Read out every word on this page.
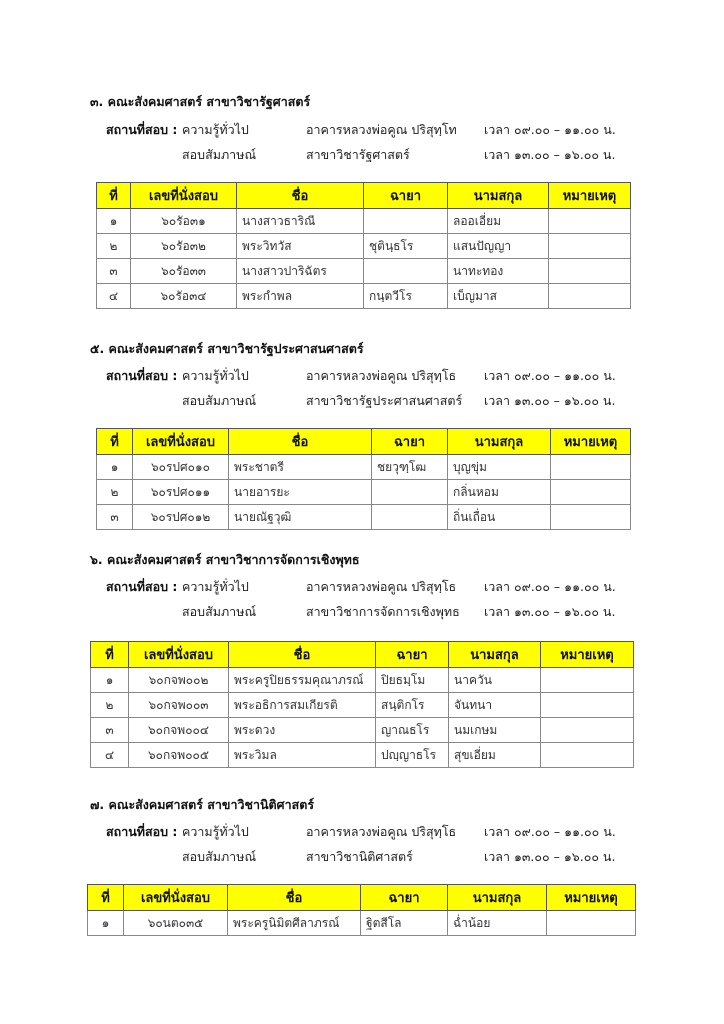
๓. คณะสังคมศาสตร์ สาขาวิชารัฐศาสตร์
สถานที่สอบ : ความรู้ทั่วไป	อาคารหลวงพ่อคูณ ปริสุทฺโท เวลา ๐๙.๐๐ – ๑๑.๐๐ น.
สอบสัมภาษณ์	สาขาวิชารัฐศาสตร์	เวลา ๑๓.๐๐ – ๑๖.๐๐ น.
ที่	เลขที่นั่งสอบ	ชื่อ	ฉายา	นามสกุล	หมายเหตุ
๑	๖๐รัอ๓๑	นางสาวธาริณี		ลออเอี่ยม	
๒	๖๐รัอ๓๒	พระวิทวัส	ชุตินฺธโร	แสนปัญญา	
๓	๖๐รัอ๓๓	นางสาวปาริฉัตร		นาทะทอง	
๔	๖๐รัอ๓๔	พระกำพล	กนฺตวีโร	เบ็ญมาส	
๕. คณะสังคมศาสตร์ สาขาวิชารัฐประศาสนศาสตร์
สถานที่สอบ : ความรู้ทั่วไป	อาคารหลวงพ่อคูณ ปริสุทฺโธ เวลา ๐๙.๐๐ – ๑๑.๐๐ น.
สอบสัมภาษณ์	สาขาวิชารัฐประศาสนศาสตร์ เวลา ๑๓.๐๐ – ๑๖.๐๐ น.
ที่	เลขที่นั่งสอบ	ชื่อ	ฉายา	นามสกุล	หมายเหตุ
๑	๖๐รปศ๐๑๐	พระชาตรี	ชยวุฑฺโฒ	บุญขุ่ม	
๒	๖๐รปศ๐๑๑	นายอารยะ		กลิ่นหอม	
๓	๖๐รปศ๐๑๒	นายณัฐวุฒิ		ถิ่นเถื่อน	
๖. คณะสังคมศาสตร์ สาขาวิชาการจัดการเชิงพุทธ
สถานที่สอบ : ความรู้ทั่วไป	อาคารหลวงพ่อคูณ ปริสุทฺโธ เวลา ๐๙.๐๐ – ๑๑.๐๐ น.
สอบสัมภาษณ์	สาขาวิชาการจัดการเชิงพุทธ เวลา ๑๓.๐๐ – ๑๖.๐๐ น.
ที่	เลขที่นั่งสอบ	ชื่อ	ฉายา	นามสกุล	หมายเหตุ
๑	๖๐กจพ๐๐๒	พระครูปิยธรรมคุณาภรณ์	ปิยธมฺโม	นาควัน	
๒	๖๐กจพ๐๐๓	พระอธิการสมเกียรติ	สนฺติกโร	จันทนา	
๓	๖๐กจพ๐๐๔	พระดวง	ญาณธโร	นมเกษม	
๔	๖๐กจพ๐๐๕	พระวิมล	ปญฺญาธโร	สุขเอี่ยม	
๗. คณะสังคมศาสตร์ สาขาวิชานิติศาสตร์
สถานที่สอบ : ความรู้ทั่วไป	อาคารหลวงพ่อคูณ ปริสุทฺโธ เวลา ๐๙.๐๐ – ๑๑.๐๐ น.
สอบสัมภาษณ์	สาขาวิชานิติศาสตร์	เวลา ๑๓.๐๐ – ๑๖.๐๐ น.
ที่	เลขที่นั่งสอบ	ชื่อ	ฉายา	นามสกุล	หมายเหตุ
๑	๖๐นต๐๓๕	พระครูนิมิตศีลาภรณ์	ฐิตสีโล	ฉ่ำน้อย	
